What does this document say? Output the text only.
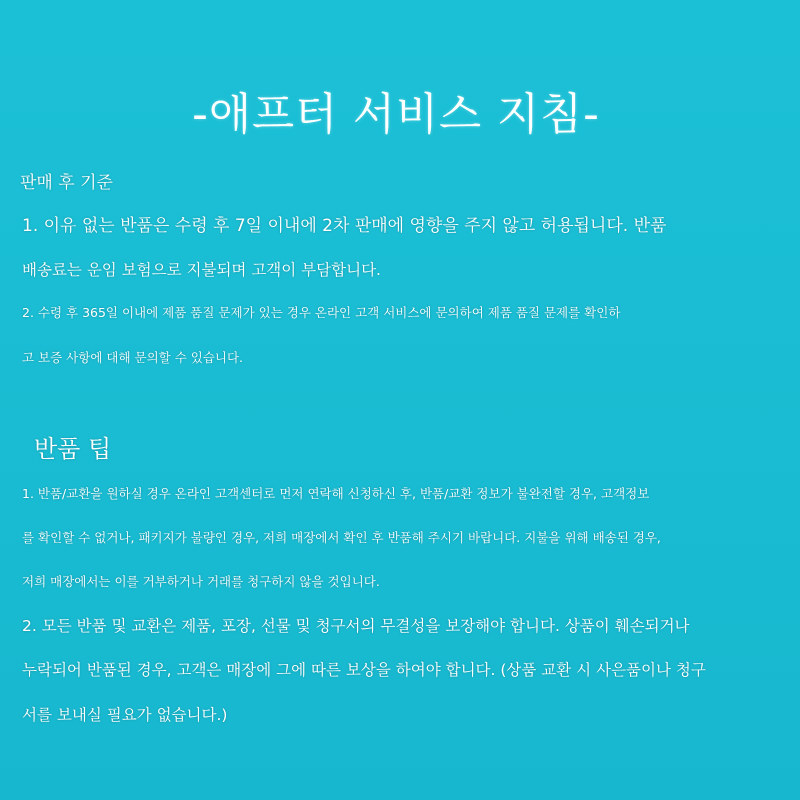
-애프터 서비스 지침-
판매 후 기준
1. 이유 없는 반품은 수령 후 7일 이내에 2차 판매에 영향을 주지 않고 허용됩니다. 반품
배송료는 운임 보험으로 지불되며 고객이 부담합니다.
2. 수령 후 365일 이내에 제품 품질 문제가 있는 경우 온라인 고객 서비스에 문의하여 제품 품질 문제를 확인하
고 보증 사항에 대해 문의할 수 있습니다.
반품 팁
1. 반품/교환을 원하실 경우 온라인 고객센터로 먼저 연락해 신청하신 후, 반품/교환 정보가 불완전할 경우, 고객정보
를 확인할 수 없거나, 패키지가 불량인 경우, 저희 매장에서 확인 후 반품해 주시기 바랍니다. 지불을 위해 배송된 경우,
저희 매장에서는 이를 거부하거나 거래를 청구하지 않을 것입니다.
2. 모든 반품 및 교환은 제품, 포장, 선물 및 청구서의 무결성을 보장해야 합니다. 상품이 훼손되거나
누락되어 반품된 경우, 고객은 매장에 그에 따른 보상을 하여야 합니다. (상품 교환 시 사은품이나 청구
서를 보내실 필요가 없습니다.)
